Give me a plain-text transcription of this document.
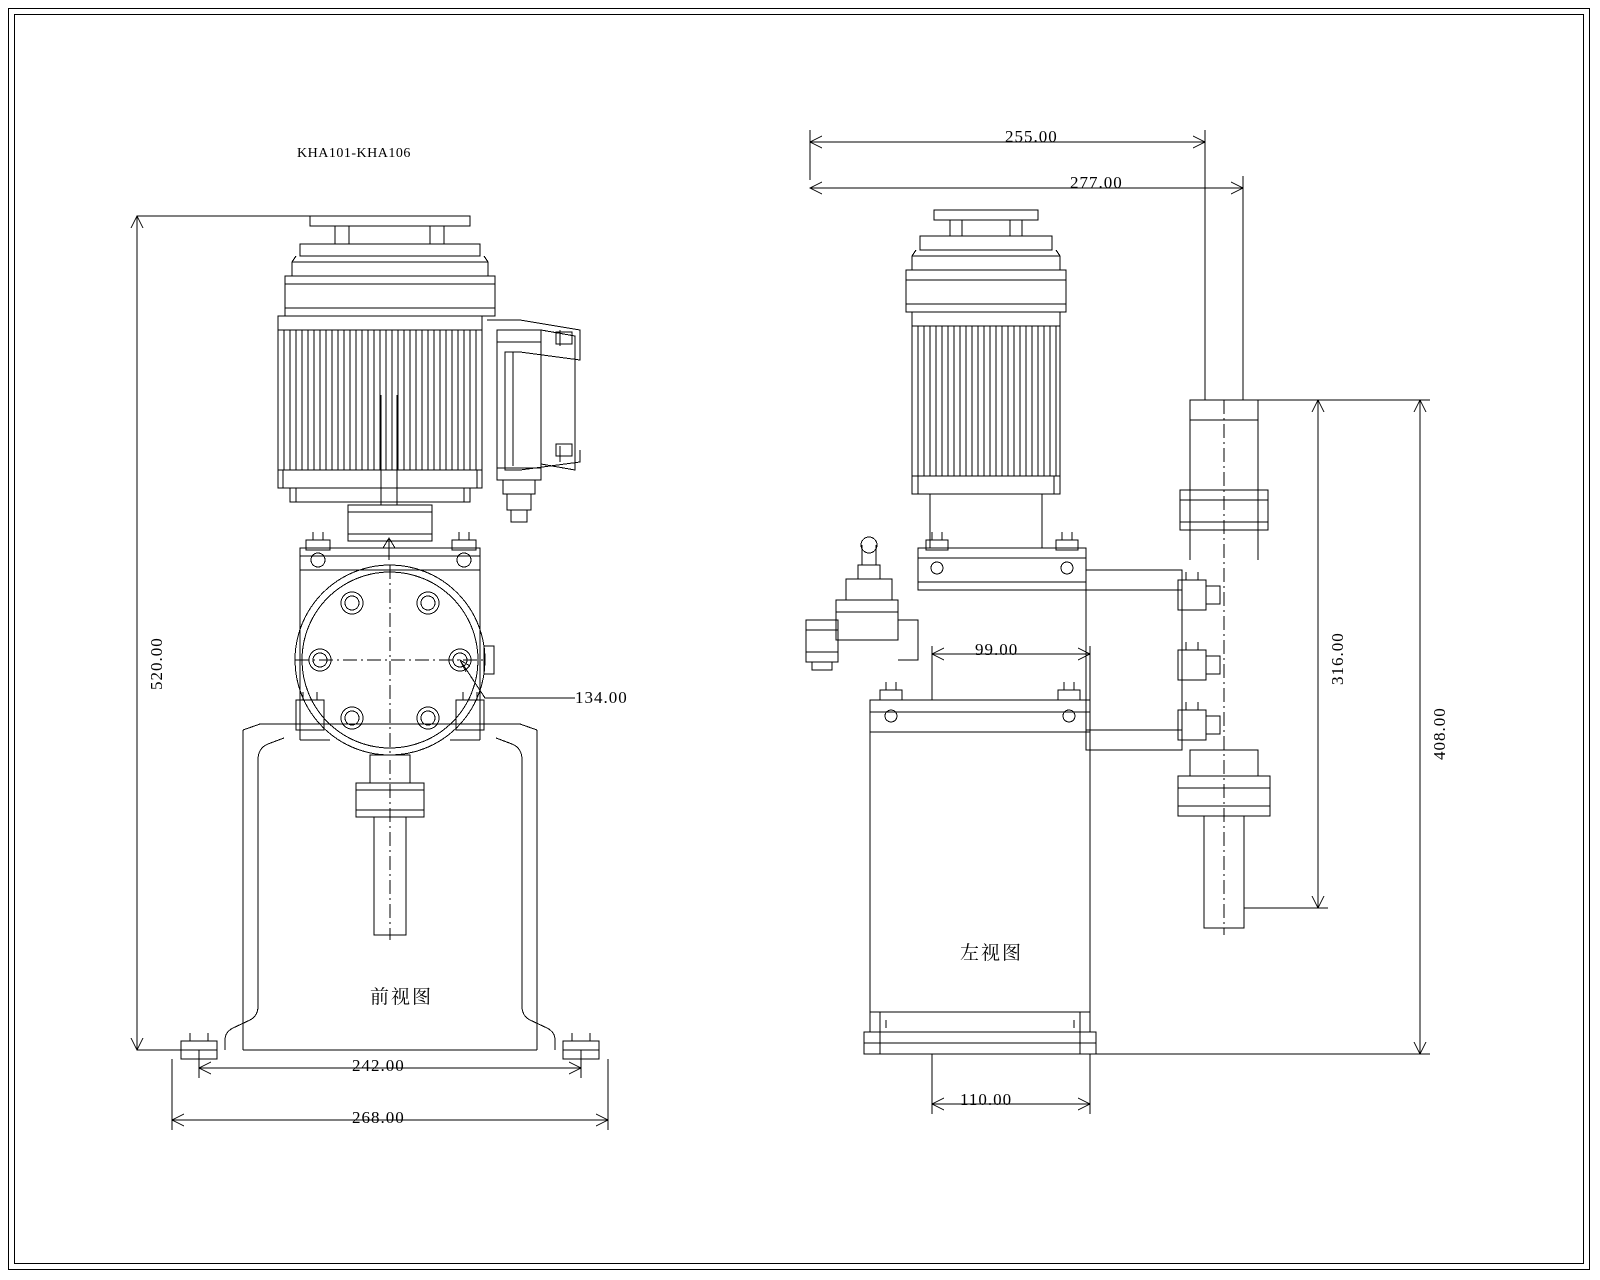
KHA101-KHA106
520.00
134.00
242.00
268.00
前视图
255.00
277.00
99.00
110.00
316.00
408.00
左视图
